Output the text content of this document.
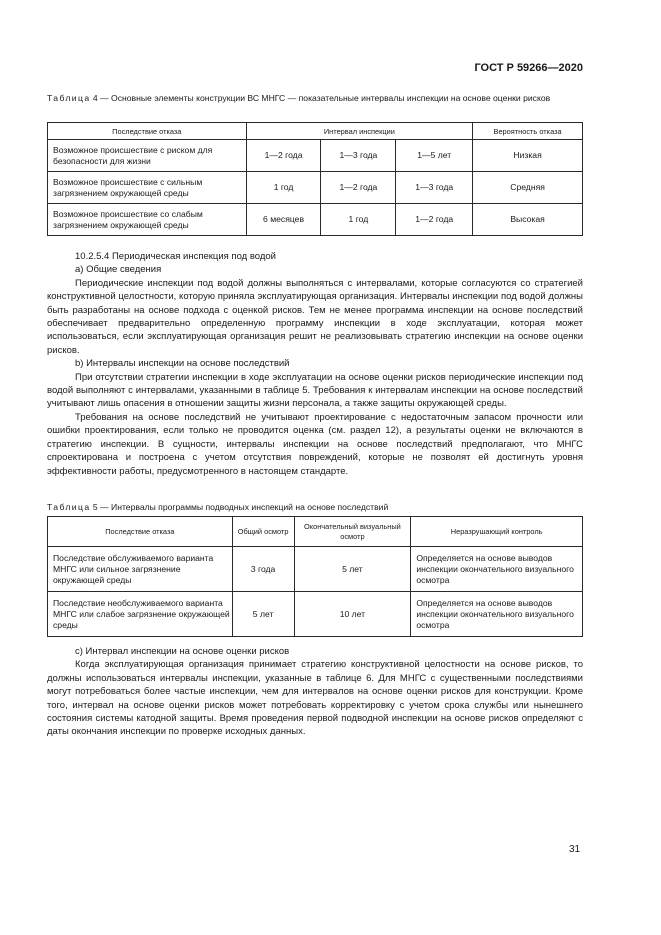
ГОСТ Р 59266—2020
Таблица 4 — Основные элементы конструкции ВС МНГС — показательные интервалы инспекции на основе оценки рисков
Последствие отказа	Интервал инспекции			Вероятность отказа
Возможное происшествие с риском для безопасности для жизни	1—2 года	1—3 года	1—5 лет	Низкая
Возможное происшествие с сильным загрязнением окружающей среды	1 год	1—2 года	1—3 года	Средняя
Возможное происшествие со слабым загрязнением окружающей среды	6 месяцев	1 год	1—2 года	Высокая

10.2.5.4 Периодическая инспекция под водой

а) Общие сведения

Периодические инспекции под водой должны выполняться с интервалами, которые согласуются со стратегией конструктивной целостности, которую приняла эксплуатирующая организация. Интервалы инспекции под водой должны быть разработаны на основе подхода с оценкой рисков. Тем не менее программа инспекции на основе последствий обеспечивает предварительно определенную программу инспекции в ходе эксплуатации, которая может использоваться, если эксплуатирующая организация решит не реализовывать стратегию инспекции на основе оценки рисков.

b) Интервалы инспекции на основе последствий

При отсутствии стратегии инспекции в ходе эксплуатации на основе оценки рисков периодические инспекции под водой выполняют с интервалами, указанными в таблице 5. Требования к интервалам инспекции на основе последствий учитывают лишь опасения в отношении защиты жизни персонала, а также защиты окружающей среды.

Требования на основе последствий не учитывают проектирование с недостаточным запасом прочности или ошибки проектирования, если только не проводится оценка (см. раздел 12), а результаты оценки не включаются в стратегию инспекции. В сущности, интервалы инспекции на основе последствий предполагают, что МНГС спроектирована и построена с учетом отсутствия повреждений, которые не позволят ей достигнуть уровня эффективности работы, предусмотренного в настоящем стандарте.

Таблица 5 — Интервалы программы подводных инспекций на основе последствий
Последствие отказа	Общий осмотр	Окончательный визуальный осмотр	Неразрушающий контроль
Последствие обслуживаемого варианта МНГС или сильное загрязнение окружающей среды	3 года	5 лет	Определяется на основе выводов инспекции окончательного визуального осмотра
Последствие необслуживаемого варианта МНГС или слабое загрязнение окружающей среды	5 лет	10 лет	Определяется на основе выводов инспекции окончательного визуального осмотра

c) Интервал инспекции на основе оценки рисков

Когда эксплуатирующая организация принимает стратегию конструктивной целостности на основе рисков, то должны использоваться интервалы инспекции, указанные в таблице 6. Для МНГС с существенными последствиями могут потребоваться более частые инспекции, чем для интервалов на основе оценки рисков для конструкции. Кроме того, интервал на основе оценки рисков может потребовать корректировку с учетом срока службы или нынешнего состояния системы катодной защиты. Время проведения первой подводной инспекции на основе рисков определяют с даты окончания инспекции по проверке исходных данных.

31
